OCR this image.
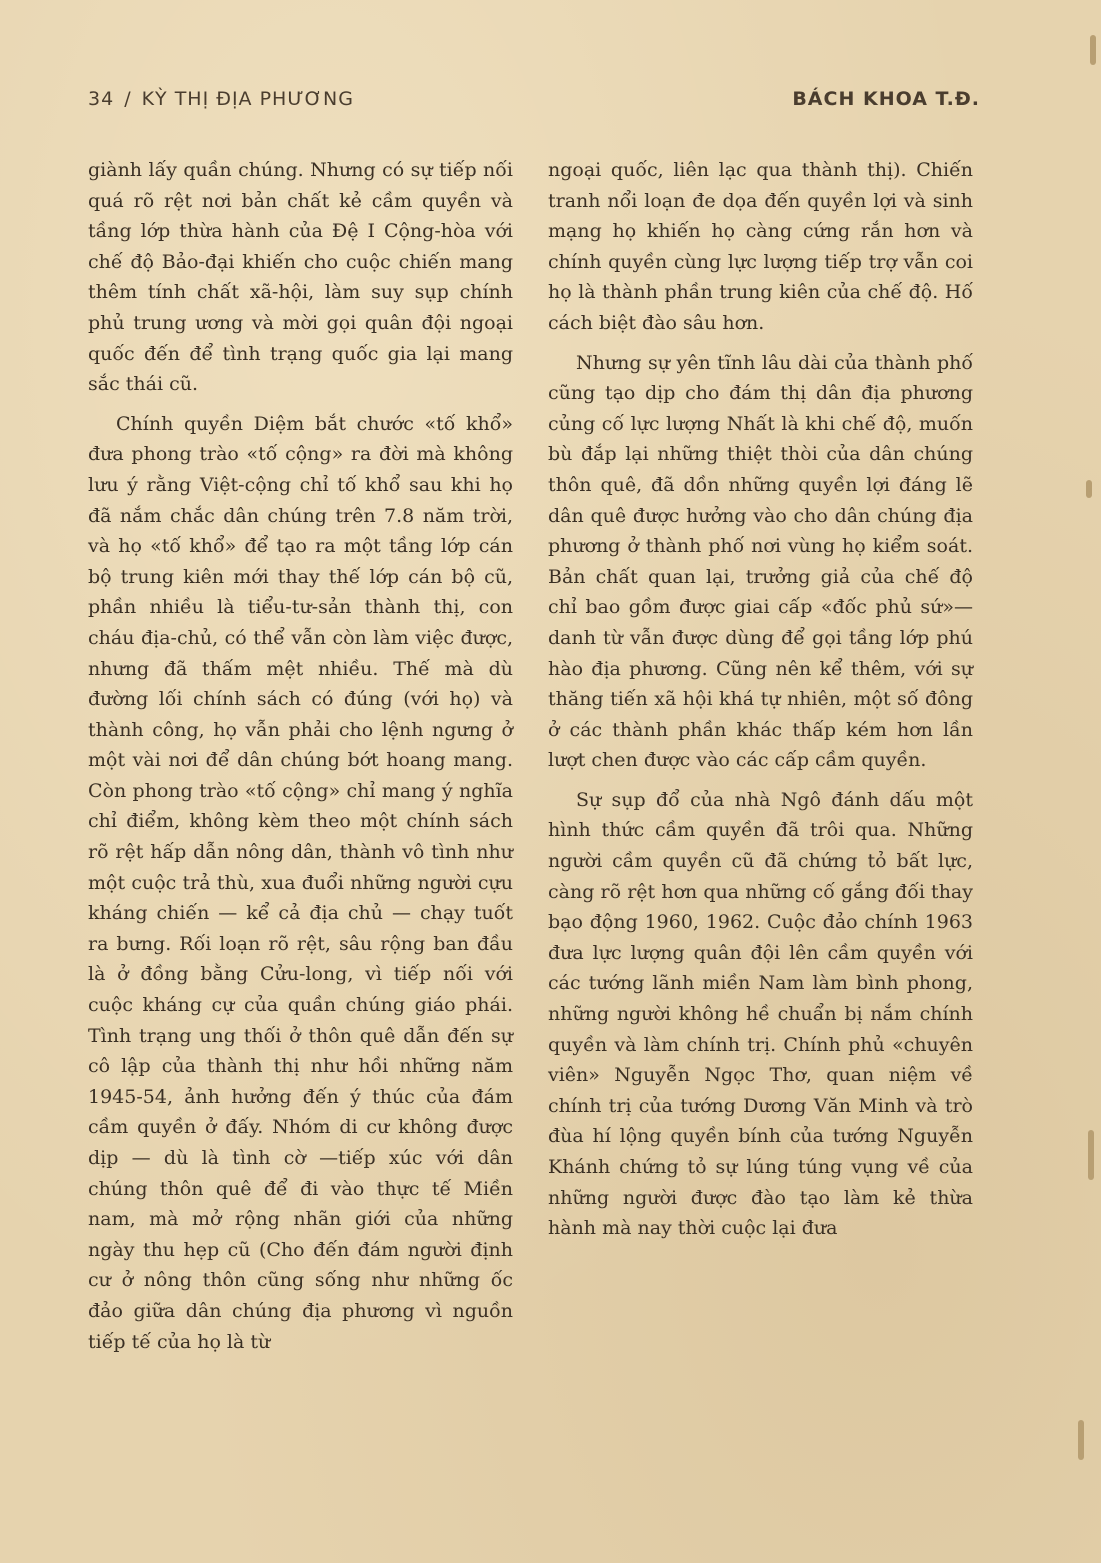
34 / KỲ THỊ ĐỊA PHƯƠNG	BÁCH KHOA T.Đ.

giành lấy quần chúng. Nhưng có sự tiếp nối quá rõ rệt nơi bản chất kẻ cầm quyền và tầng lớp thừa hành của Đệ I Cộng-hòa với chế độ Bảo-đại khiến cho cuộc chiến mang thêm tính chất xã-hội, làm suy sụp chính phủ trung ương và mời gọi quân đội ngoại quốc đến để tình trạng quốc gia lại mang sắc thái cũ.

Chính quyền Diệm bắt chước «tố khổ» đưa phong trào «tố cộng» ra đời mà không lưu ý rằng Việt-cộng chỉ tố khổ sau khi họ đã nắm chắc dân chúng trên 7.8 năm trời, và họ «tố khổ» để tạo ra một tầng lớp cán bộ trung kiên mới thay thế lớp cán bộ cũ, phần nhiều là tiểu-tư-sản thành thị, con cháu địa-chủ, có thể vẫn còn làm việc được, nhưng đã thấm mệt nhiều. Thế mà dù đường lối chính sách có đúng (với họ) và thành công, họ vẫn phải cho lệnh ngưng ở một vài nơi để dân chúng bớt hoang mang. Còn phong trào «tố cộng» chỉ mang ý nghĩa chỉ điểm, không kèm theo một chính sách rõ rệt hấp dẫn nông dân, thành vô tình như một cuộc trả thù, xua đuổi những người cựu kháng chiến — kể cả địa chủ — chạy tuốt ra bưng. Rối loạn rõ rệt, sâu rộng ban đầu là ở đồng bằng Cửu-long, vì tiếp nối với cuộc kháng cự của quần chúng giáo phái. Tình trạng ung thối ở thôn quê dẫn đến sự cô lập của thành thị như hồi những năm 1945-54, ảnh hưởng đến ý thúc của đám cầm quyền ở đấy. Nhóm di cư không được dịp — dù là tình cờ —tiếp xúc với dân chúng thôn quê để đi vào thực tế Miền nam, mà mở rộng nhãn giới của những ngày thu hẹp cũ (Cho đến đám người định cư ở nông thôn cũng sống như những ốc đảo giữa dân chúng địa phương vì nguồn tiếp tế của họ là từ

ngoại quốc, liên lạc qua thành thị). Chiến tranh nổi loạn đe dọa đến quyền lợi và sinh mạng họ khiến họ càng cứng rắn hơn và chính quyền cùng lực lượng tiếp trợ vẫn coi họ là thành phần trung kiên của chế độ. Hố cách biệt đào sâu hơn.

Nhưng sự yên tĩnh lâu dài của thành phố cũng tạo dịp cho đám thị dân địa phương củng cố lực lượng Nhất là khi chế độ, muốn bù đắp lại những thiệt thòi của dân chúng thôn quê, đã dồn những quyền lợi đáng lẽ dân quê được hưởng vào cho dân chúng địa phương ở thành phố nơi vùng họ kiểm soát. Bản chất quan lại, trưởng giả của chế độ chỉ bao gồm được giai cấp «đốc phủ sứ»— danh từ vẫn được dùng để gọi tầng lớp phú hào địa phương. Cũng nên kể thêm, với sự thăng tiến xã hội khá tự nhiên, một số đông ở các thành phần khác thấp kém hơn lần lượt chen được vào các cấp cầm quyền.

Sự sụp đổ của nhà Ngô đánh dấu một hình thức cầm quyền đã trôi qua. Những người cầm quyền cũ đã chứng tỏ bất lực, càng rõ rệt hơn qua những cố gắng đối thay bạo động 1960, 1962. Cuộc đảo chính 1963 đưa lực lượng quân đội lên cầm quyền với các tướng lãnh miền Nam làm bình phong, những người không hề chuẩn bị nắm chính quyền và làm chính trị. Chính phủ «chuyên viên» Nguyễn Ngọc Thơ, quan niệm về chính trị của tướng Dương Văn Minh và trò đùa hí lộng quyền bính của tướng Nguyễn Khánh chứng tỏ sự lúng túng vụng về của những người được đào tạo làm kẻ thừa hành mà nay thời cuộc lại đưa
